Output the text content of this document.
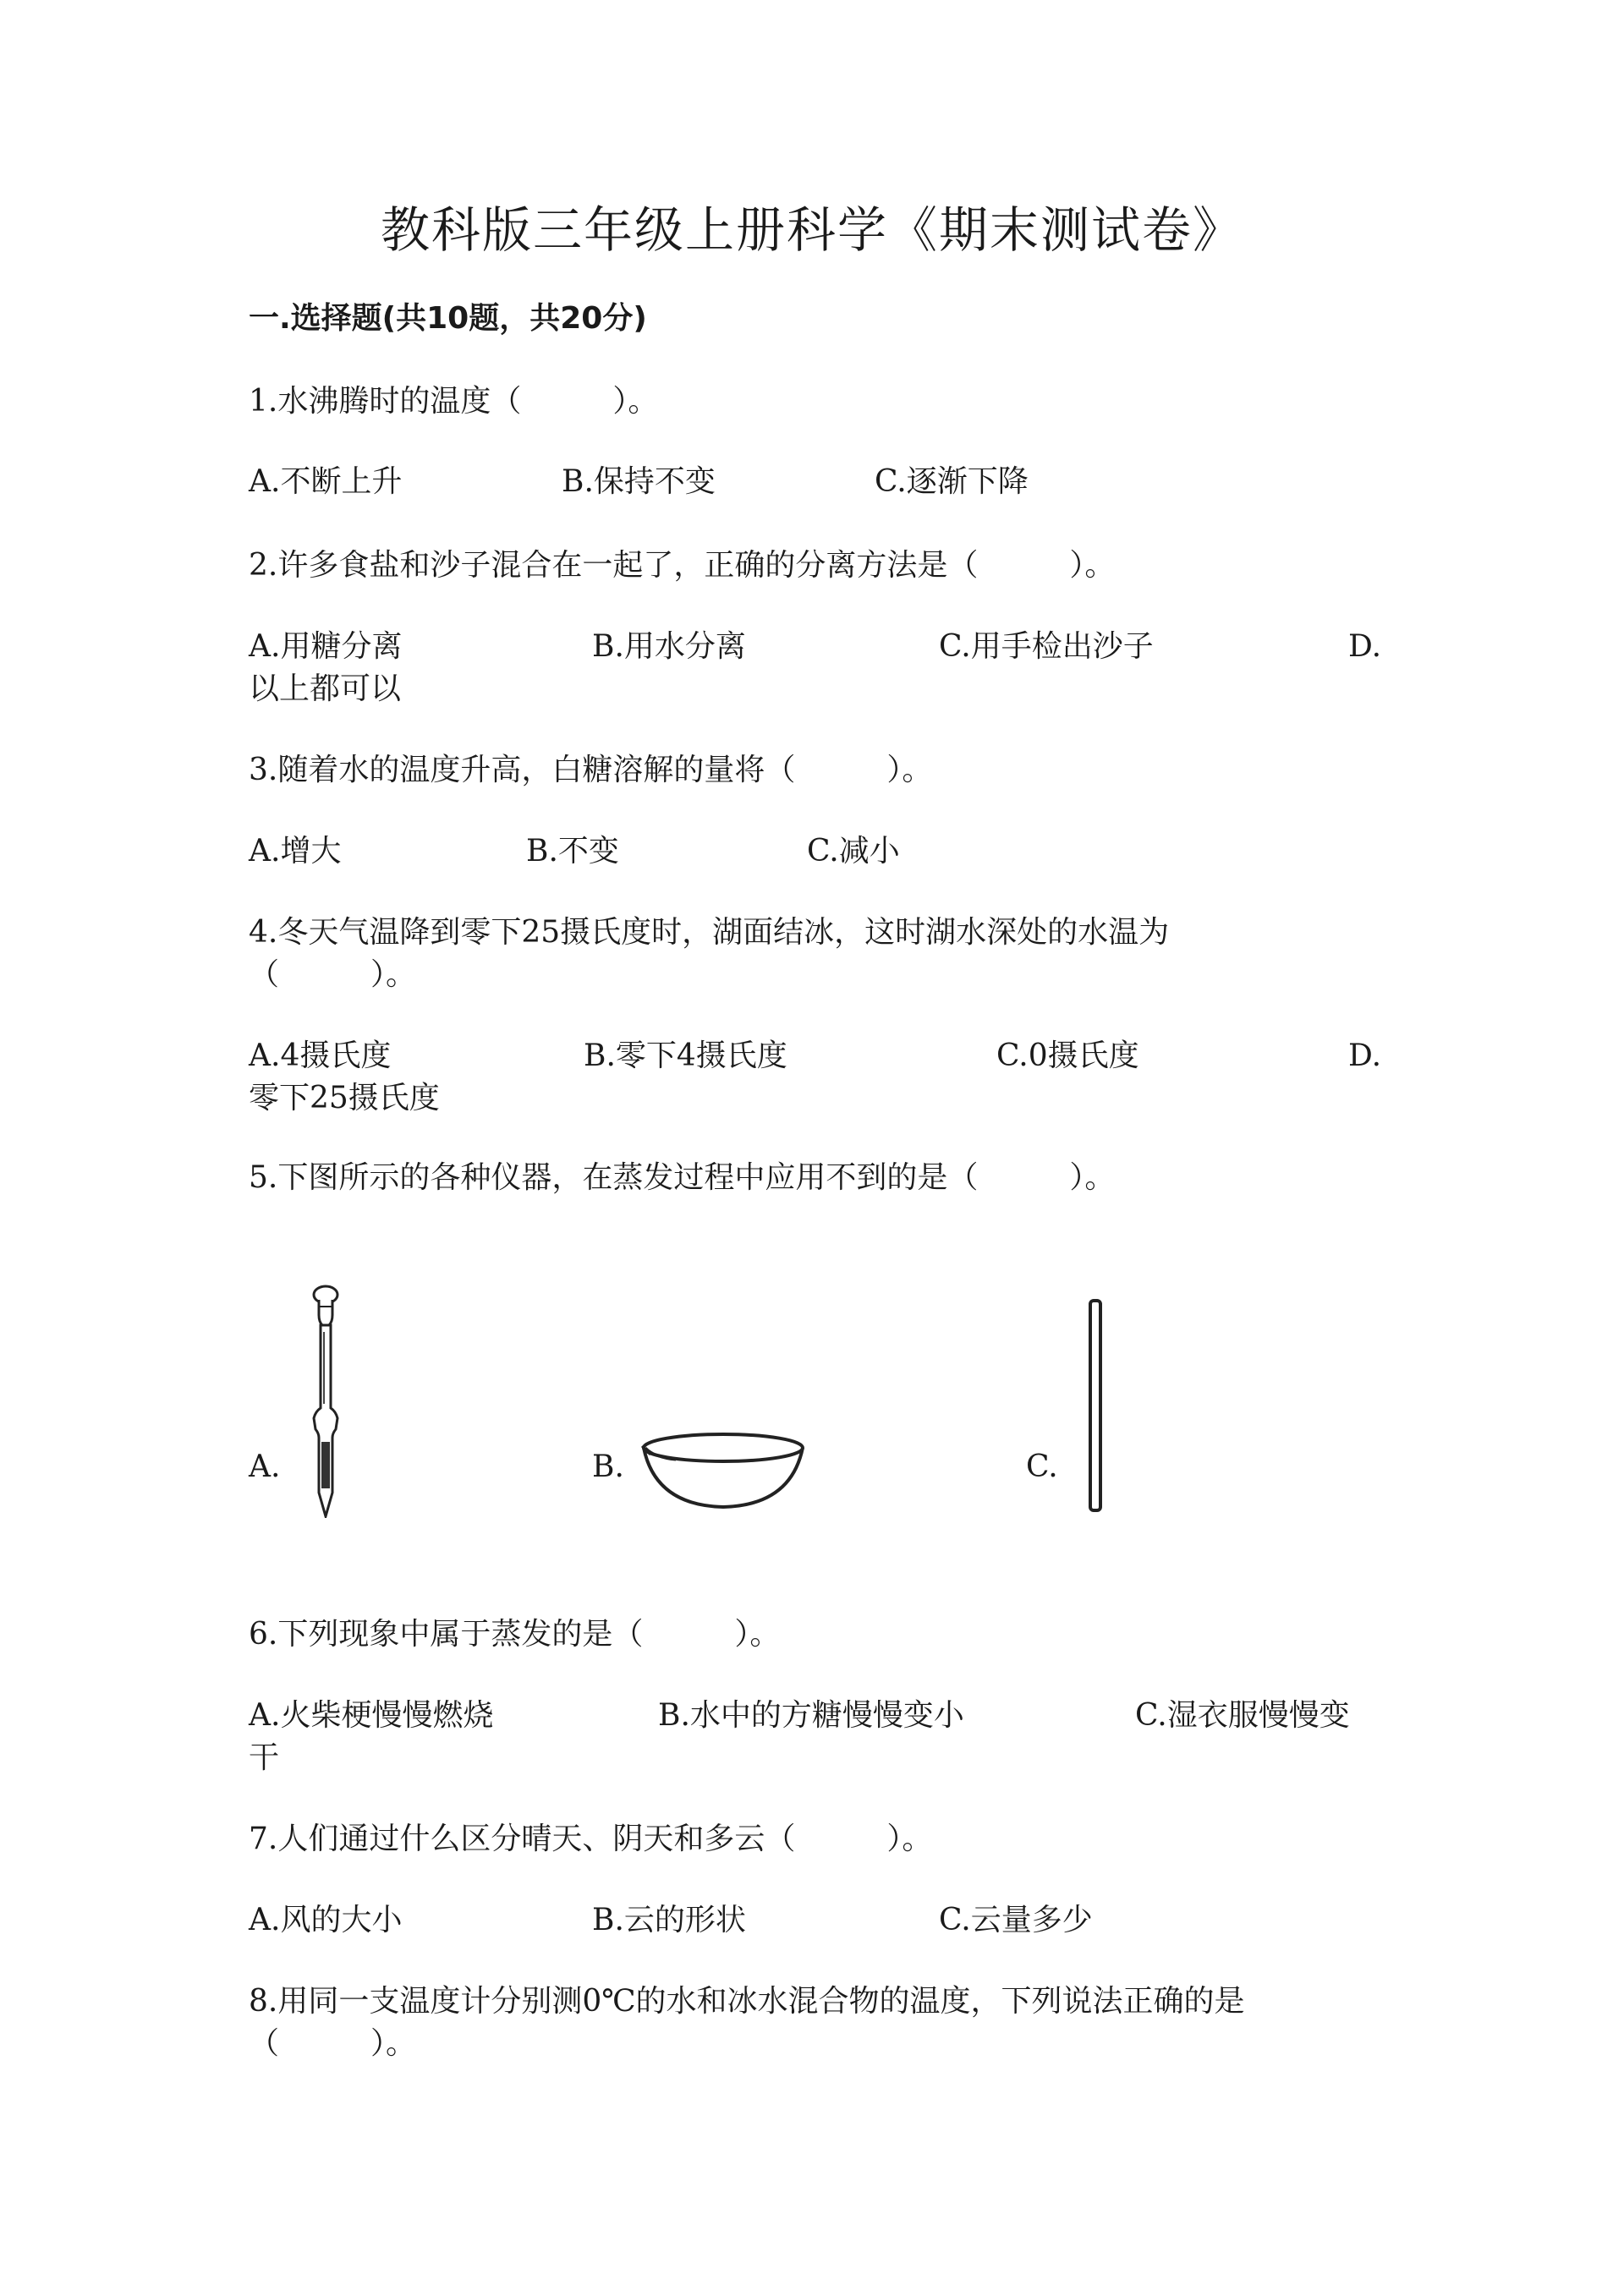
教科版三年级上册科学《期末测试卷》
一.选择题(共10题，共20分)
1.水沸腾时的温度（　　　）。
A.不断上升	B.保持不变	C.逐渐下降
2.许多食盐和沙子混合在一起了，正确的分离方法是（　　　）。
A.用糖分离	B.用水分离	C.用手检出沙子	D.
以上都可以
3.随着水的温度升高，白糖溶解的量将（　　　）。
A.增大	B.不变	C.减小
4.冬天气温降到零下25摄氏度时，湖面结冰，这时湖水深处的水温为
（　　　）。
A.4摄氏度	B.零下4摄氏度	C.0摄氏度	D.
零下25摄氏度
5.下图所示的各种仪器，在蒸发过程中应用不到的是（　　　）。
A.	B.	C.
6.下列现象中属于蒸发的是（　　　）。
A.火柴梗慢慢燃烧	B.水中的方糖慢慢变小	C.湿衣服慢慢变
干
7.人们通过什么区分晴天、阴天和多云（　　　）。
A.风的大小	B.云的形状	C.云量多少
8.用同一支温度计分别测0℃的水和冰水混合物的温度，下列说法正确的是
（　　　）。
